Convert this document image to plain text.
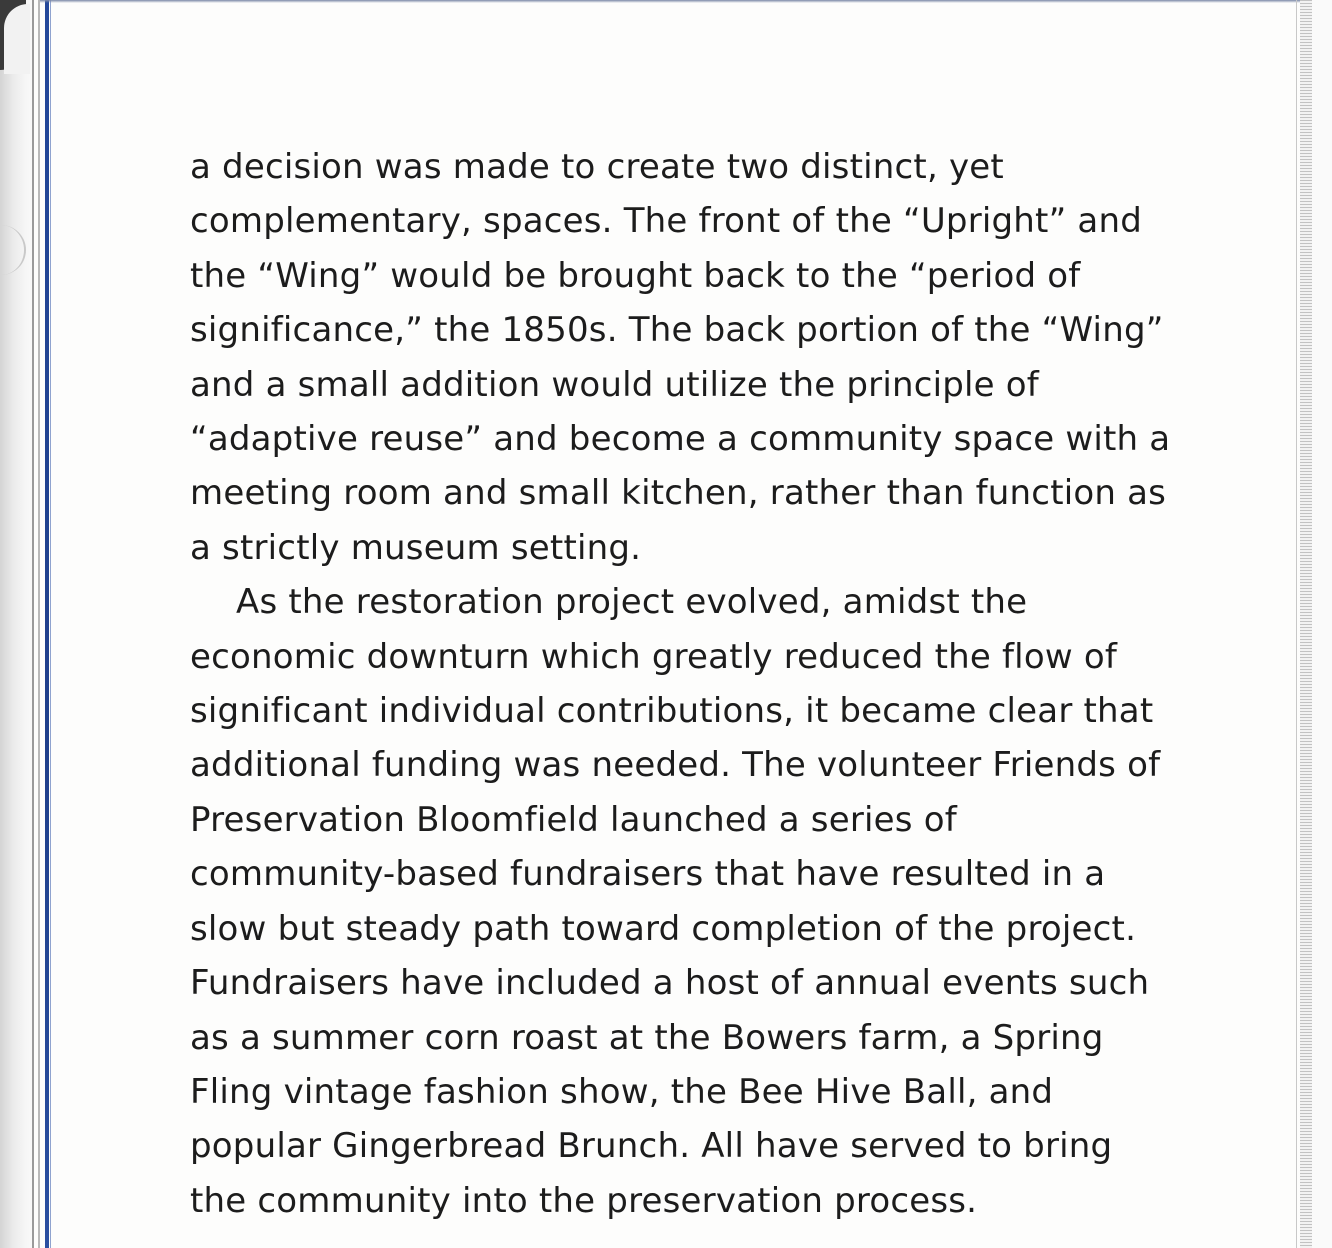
a decision was made to create two distinct, yet
complementary, spaces. The front of the “Upright” and
the “Wing” would be brought back to the “period of
significance,” the 1850s. The back portion of the “Wing”
and a small addition would utilize the principle of
“adaptive reuse” and become a community space with a
meeting room and small kitchen, rather than function as
a strictly museum setting.
As the restoration project evolved, amidst the
economic downturn which greatly reduced the flow of
significant individual contributions, it became clear that
additional funding was needed. The volunteer Friends of
Preservation Bloomfield launched a series of
community-based fundraisers that have resulted in a
slow but steady path toward completion of the project.
Fundraisers have included a host of annual events such
as a summer corn roast at the Bowers farm, a Spring
Fling vintage fashion show, the Bee Hive Ball, and
popular Gingerbread Brunch. All have served to bring
the community into the preservation process.
